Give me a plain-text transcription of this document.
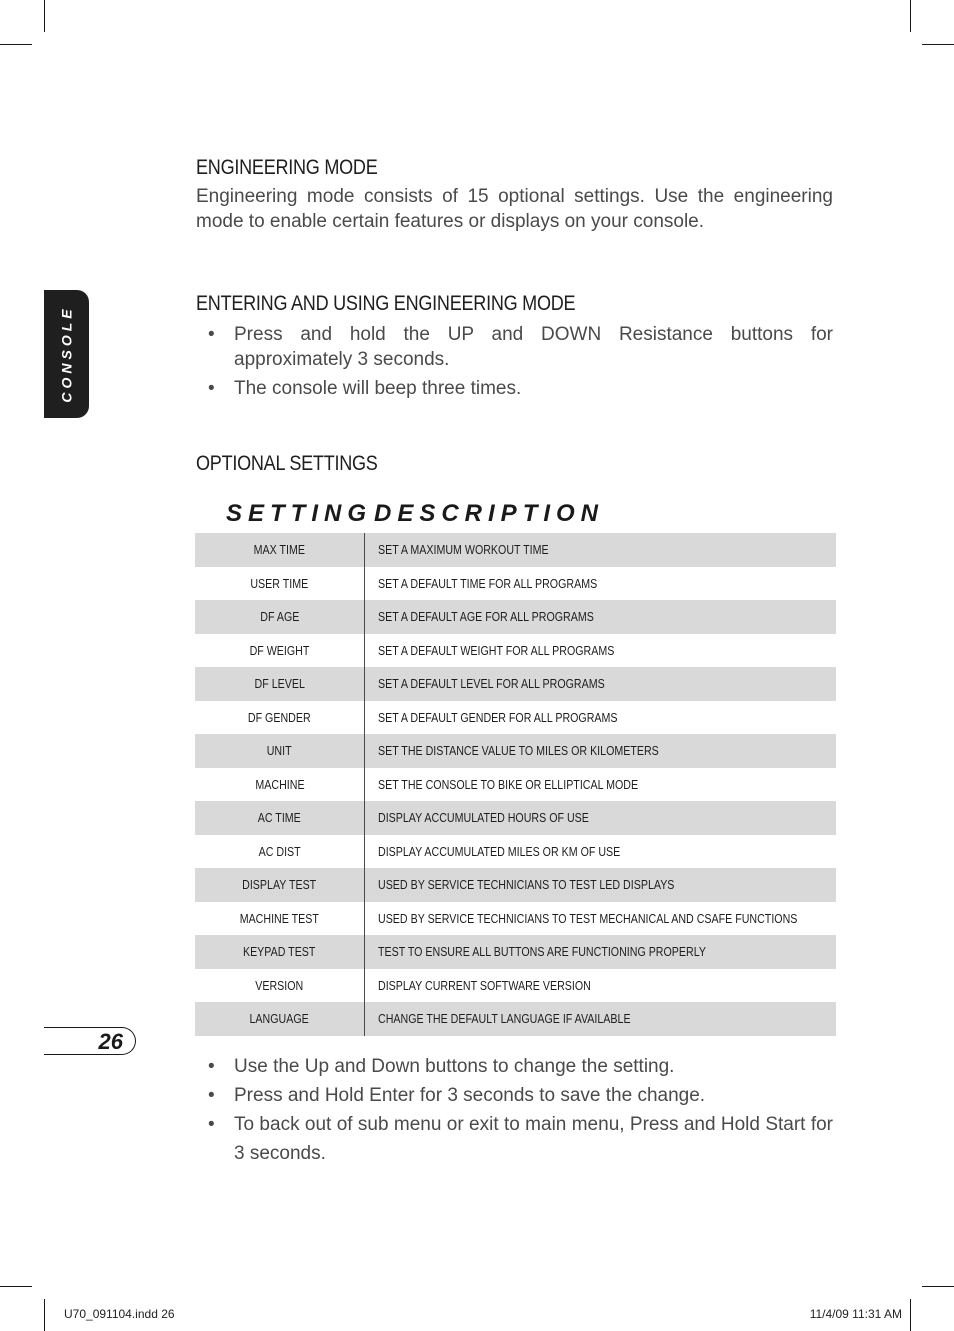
CONSOLE
26
ENGINEERING MODE

Engineering mode consists of 15 optional settings. Use the engineering mode to enable certain features or displays on your console.

ENTERING AND USING ENGINEERING MODE
• Press and hold the UP and DOWN Resistance buttons for approximately 3 seconds.
• The console will beep three times.
OPTIONAL SETTINGS
SETTING DESCRIPTION
MAX TIME	SET A MAXIMUM WORKOUT TIME
USER TIME	SET A DEFAULT TIME FOR ALL PROGRAMS
DF AGE	SET A DEFAULT AGE FOR ALL PROGRAMS
DF WEIGHT	SET A DEFAULT WEIGHT FOR ALL PROGRAMS
DF LEVEL	SET A DEFAULT LEVEL FOR ALL PROGRAMS
DF GENDER	SET A DEFAULT GENDER FOR ALL PROGRAMS
UNIT	SET THE DISTANCE VALUE TO MILES OR KILOMETERS
MACHINE	SET THE CONSOLE TO BIKE OR ELLIPTICAL MODE
AC TIME	DISPLAY ACCUMULATED HOURS OF USE
AC DIST	DISPLAY ACCUMULATED MILES OR KM OF USE
DISPLAY TEST	USED BY SERVICE TECHNICIANS TO TEST LED DISPLAYS
MACHINE TEST	USED BY SERVICE TECHNICIANS TO TEST MECHANICAL AND CSAFE FUNCTIONS
KEYPAD TEST	TEST TO ENSURE ALL BUTTONS ARE FUNCTIONING PROPERLY
VERSION	DISPLAY CURRENT SOFTWARE VERSION
LANGUAGE	CHANGE THE DEFAULT LANGUAGE IF AVAILABLE
• Use the Up and Down buttons to change the setting.
• Press and Hold Enter for 3 seconds to save the change.
• To back out of sub menu or exit to main menu, Press and Hold Start for 3 seconds.
U70_091104.indd 26	11/4/09 11:31 AM
